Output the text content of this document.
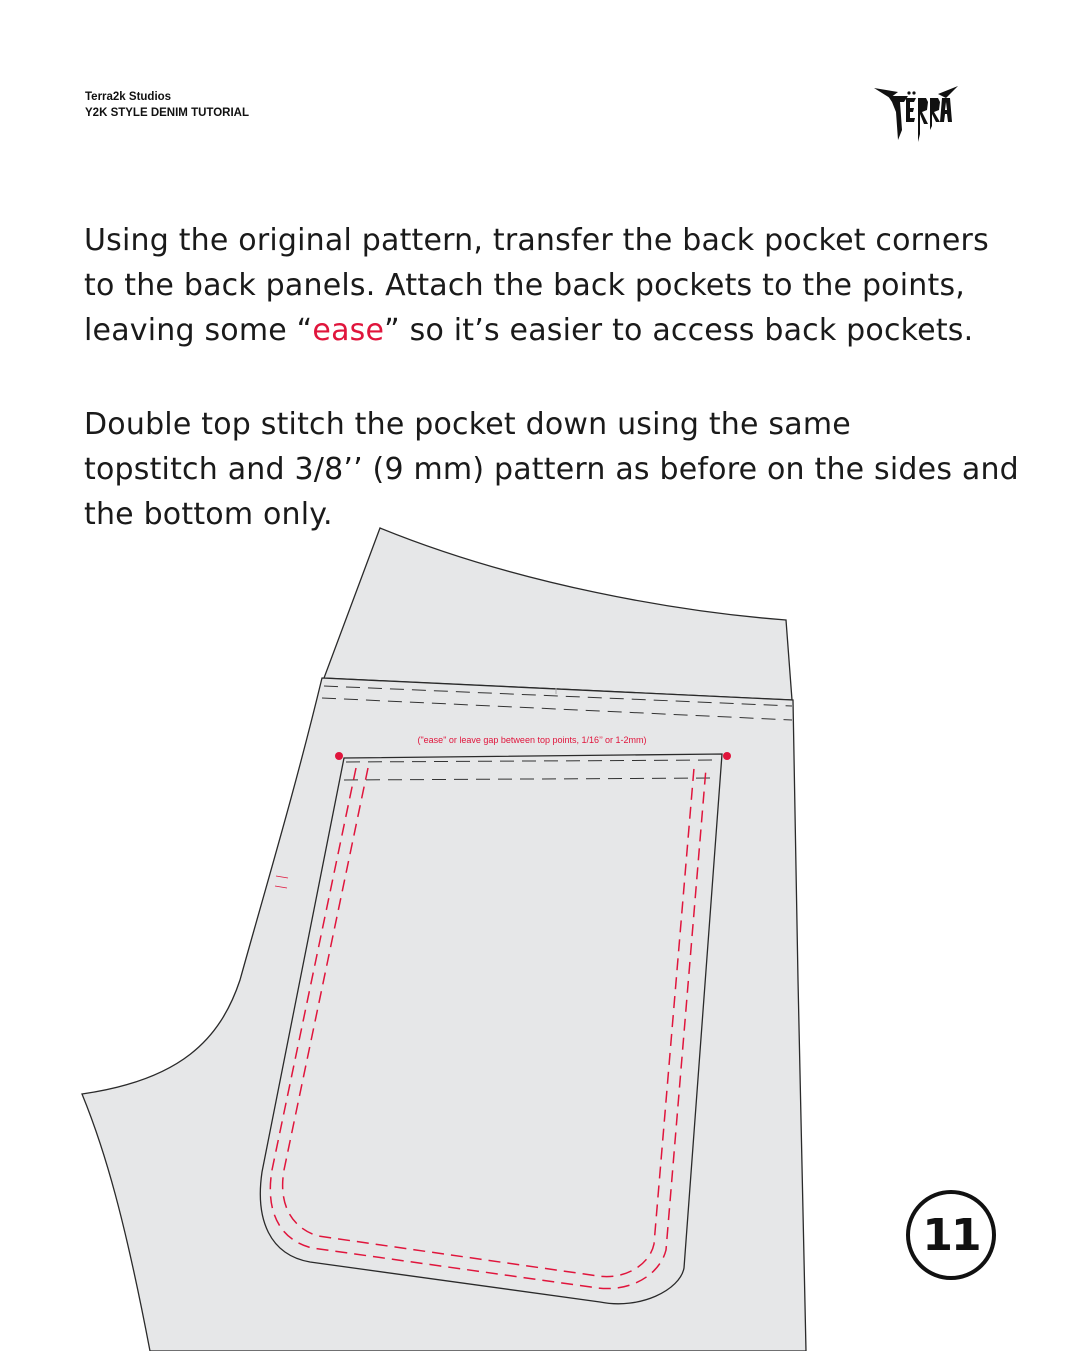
Terra2k Studios
Y2K STYLE DENIM TUTORIAL
Using the original pattern, transfer the back pocket corners
to the back panels. Attach the back pockets to the points,
leaving some “ease” so it’s easier to access back pockets.
Double top stitch the pocket down using the same
topstitch and 3/8’’ (9 mm) pattern as before on the sides and
the bottom only.
("ease" or leave gap between top points, 1/16’’ or 1-2mm)
11
